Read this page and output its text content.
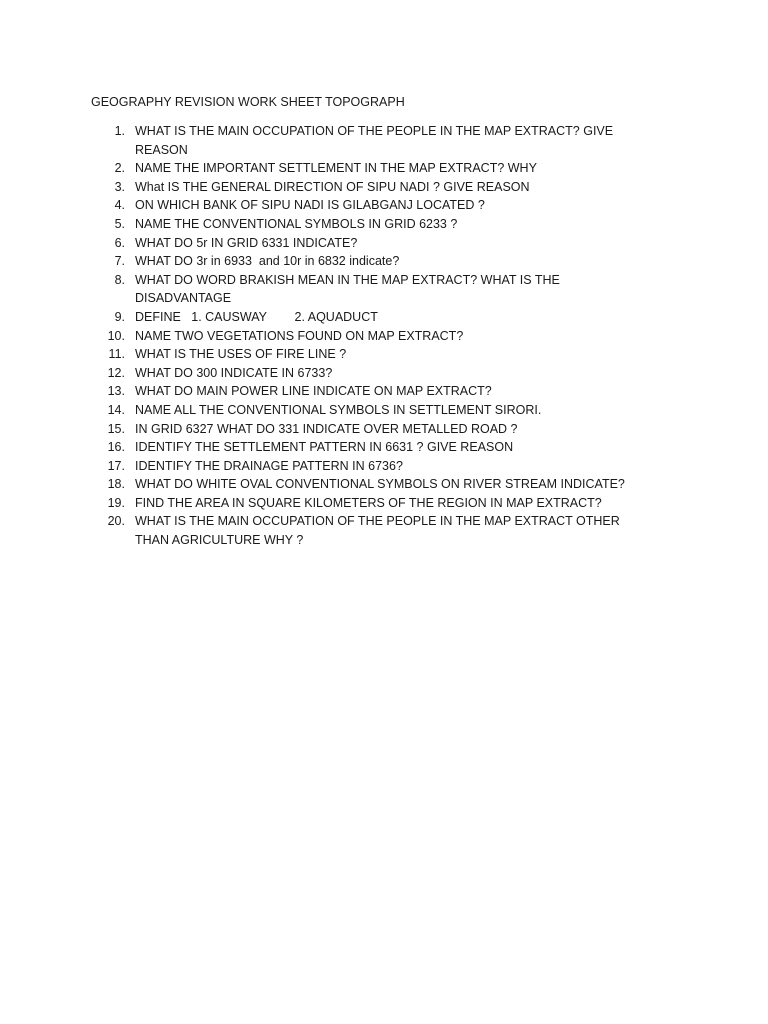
GEOGRAPHY REVISION WORK SHEET TOPOGRAPH
1. WHAT IS THE MAIN OCCUPATION OF THE PEOPLE IN THE MAP EXTRACT? GIVE REASON
2. NAME THE IMPORTANT SETTLEMENT IN THE MAP EXTRACT? WHY
3. What IS THE GENERAL DIRECTION OF SIPU NADI ? GIVE REASON
4. ON WHICH BANK OF SIPU NADI IS GILABGANJ LOCATED ?
5. NAME THE CONVENTIONAL SYMBOLS IN GRID 6233 ?
6. WHAT DO 5r IN GRID 6331 INDICATE?
7. WHAT DO 3r in 6933  and 10r in 6832 indicate?
8. WHAT DO WORD BRAKISH MEAN IN THE MAP EXTRACT? WHAT IS THE DISADVANTAGE
9. DEFINE   1. CAUSWAY        2. AQUADUCT
10. NAME TWO VEGETATIONS FOUND ON MAP EXTRACT?
11. WHAT IS THE USES OF FIRE LINE ?
12. WHAT DO 300 INDICATE IN 6733?
13. WHAT DO MAIN POWER LINE INDICATE ON MAP EXTRACT?
14. NAME ALL THE CONVENTIONAL SYMBOLS IN SETTLEMENT SIRORI.
15. IN GRID 6327 WHAT DO 331 INDICATE OVER METALLED ROAD ?
16. IDENTIFY THE SETTLEMENT PATTERN IN 6631 ? GIVE REASON
17. IDENTIFY THE DRAINAGE PATTERN IN 6736?
18. WHAT DO WHITE OVAL CONVENTIONAL SYMBOLS ON RIVER STREAM INDICATE?
19. FIND THE AREA IN SQUARE KILOMETERS OF THE REGION IN MAP EXTRACT?
20. WHAT IS THE MAIN OCCUPATION OF THE PEOPLE IN THE MAP EXTRACT OTHER THAN AGRICULTURE WHY ?
